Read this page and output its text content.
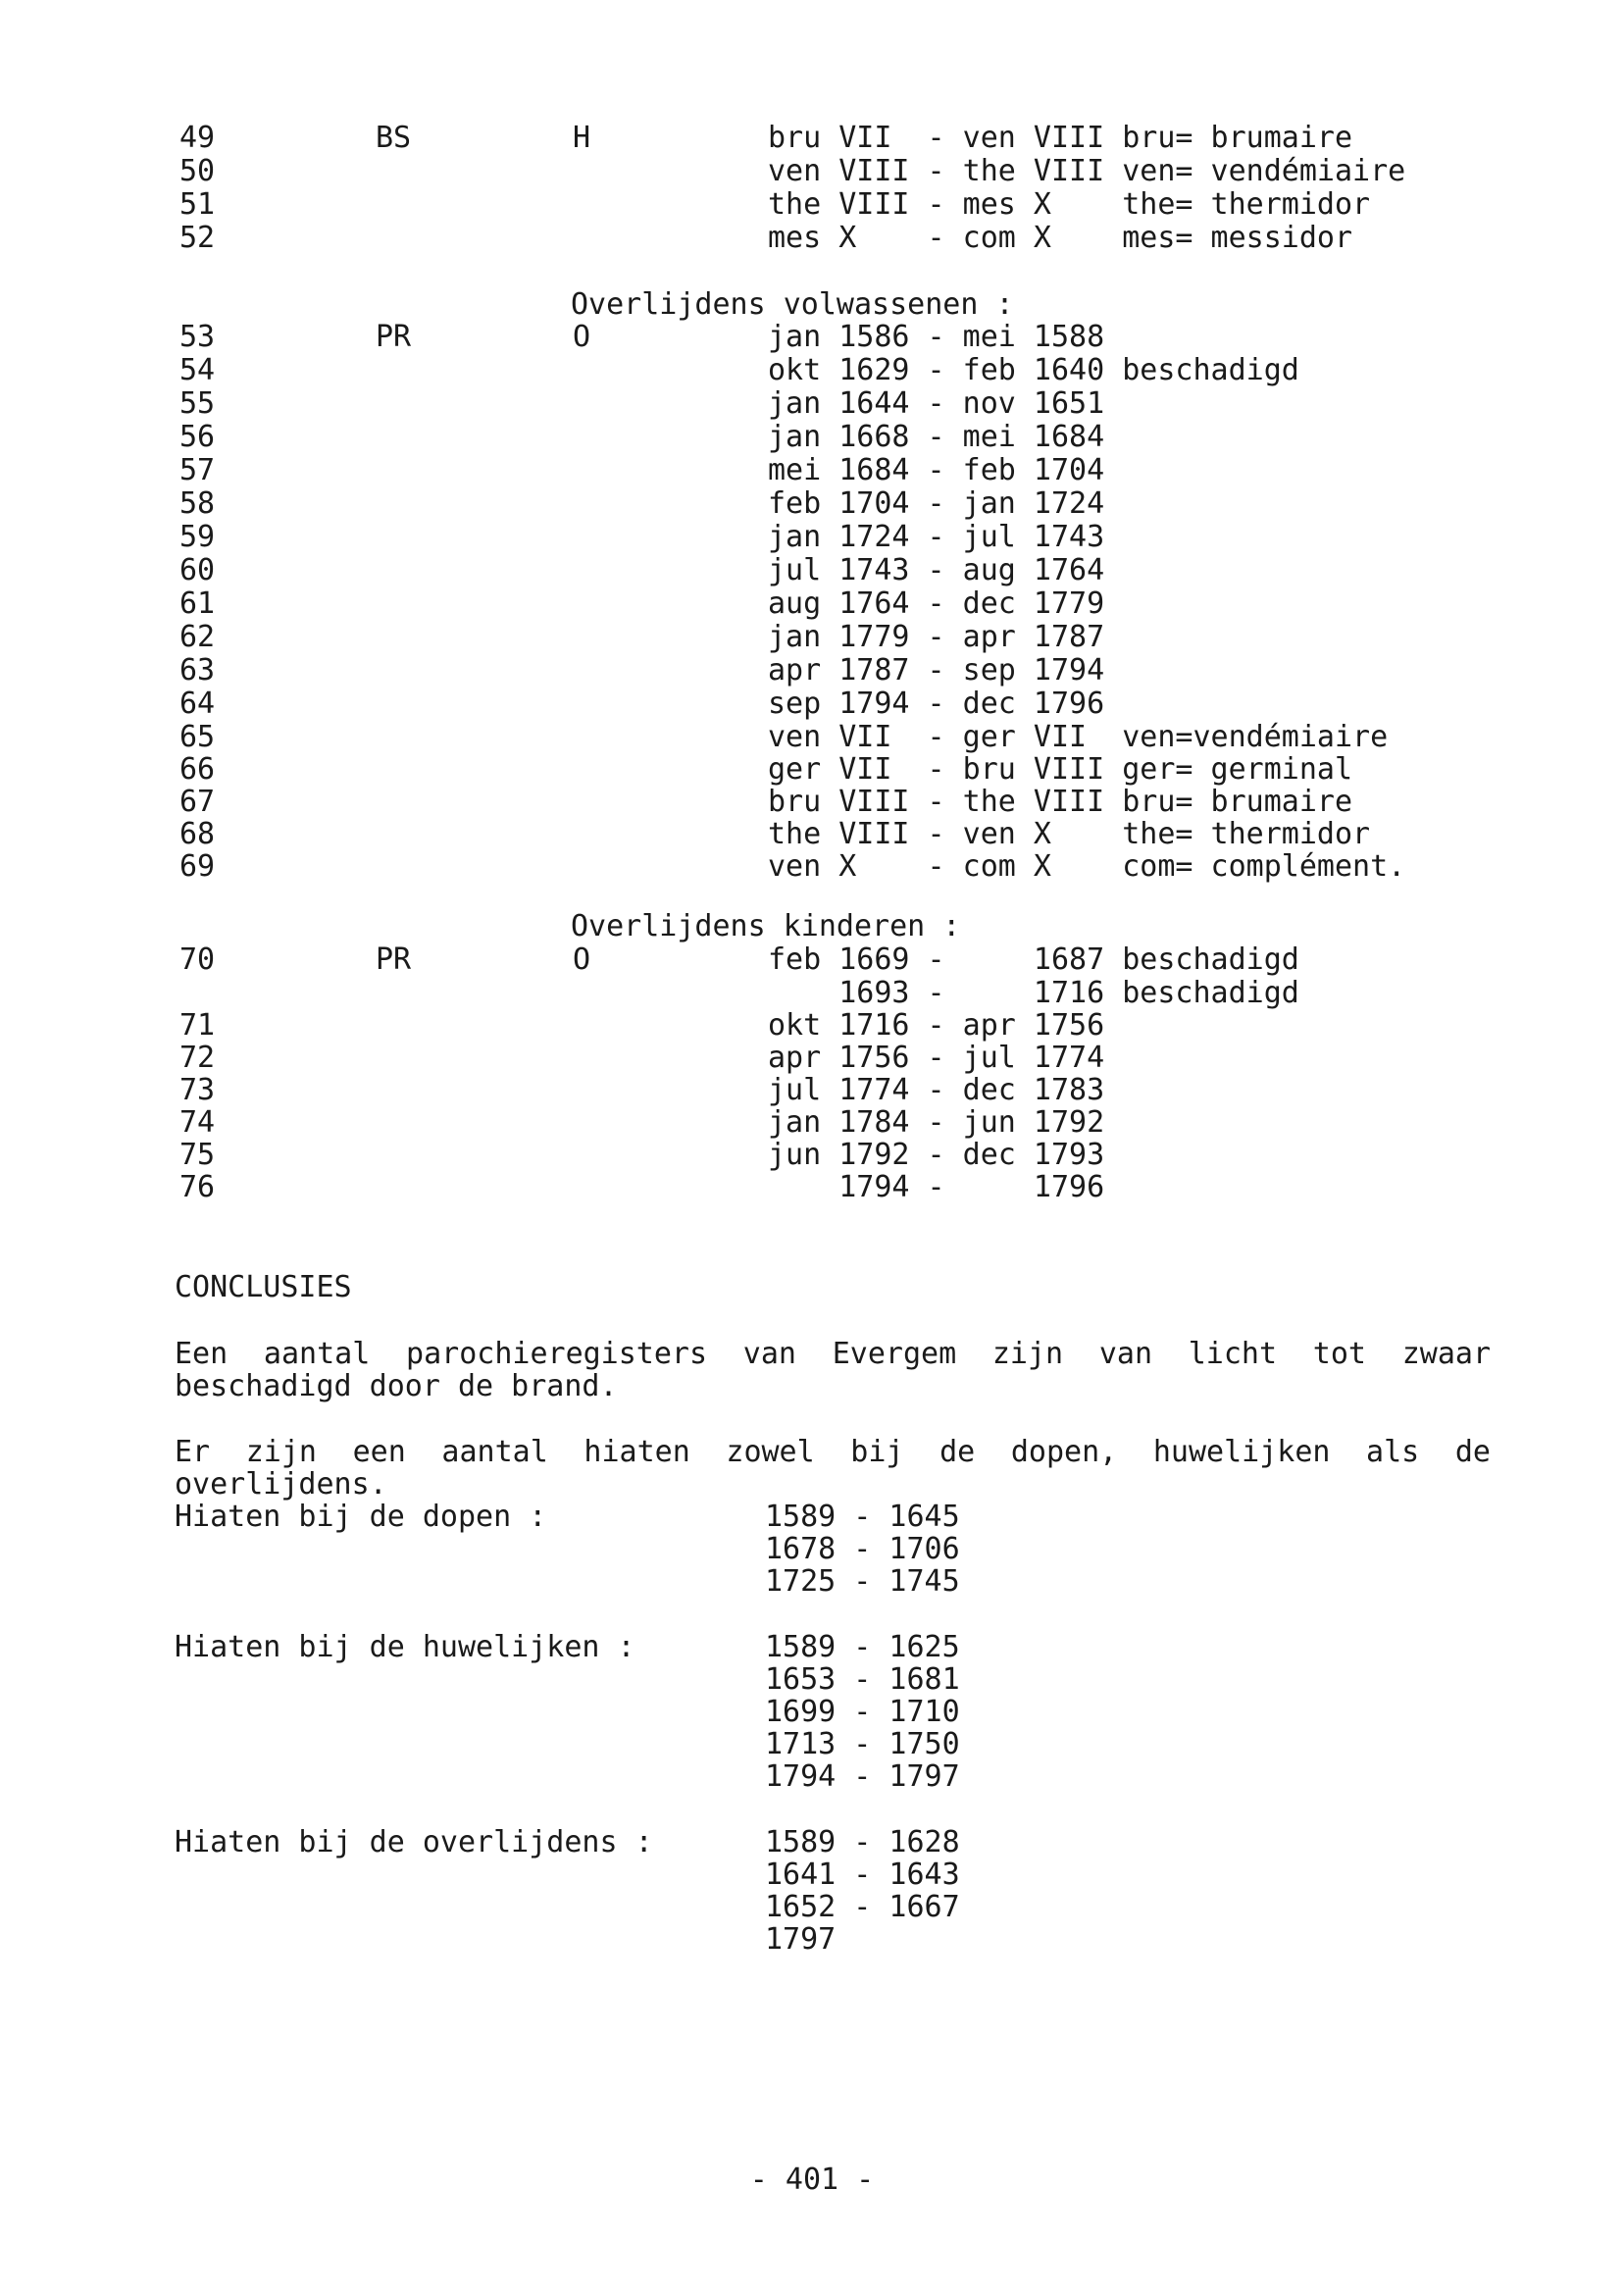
49	BS	H	bru VII  - ven VIII bru= brumaire
50	ven VIII - the VIII ven= vendémiaire
51	the VIII - mes X    the= thermidor
52	mes X    - com X    mes= messidor
Overlijdens volwassenen :
53	PR	O	jan 1586 - mei 1588
54	okt 1629 - feb 1640 beschadigd
55	jan 1644 - nov 1651
56	jan 1668 - mei 1684
57	mei 1684 - feb 1704
58	feb 1704 - jan 1724
59	jan 1724 - jul 1743
60	jul 1743 - aug 1764
61	aug 1764 - dec 1779
62	jan 1779 - apr 1787
63	apr 1787 - sep 1794
64	sep 1794 - dec 1796
65	ven VII  - ger VII  ven=vendémiaire
66	ger VII  - bru VIII ger= germinal
67	bru VIII - the VIII bru= brumaire
68	the VIII - ven X    the= thermidor
69	ven X    - com X    com= complément.
Overlijdens kinderen :
70	PR	O	feb 1669 -     1687 beschadigd
1693 -     1716 beschadigd
71	okt 1716 - apr 1756
72	apr 1756 - jul 1774
73	jul 1774 - dec 1783
74	jan 1784 - jun 1792
75	jun 1792 - dec 1793
76	1794 -     1796
CONCLUSIES
Een aantal parochieregisters van Evergem zijn van licht tot zwaar beschadigd door de brand.
Er zijn een aantal hiaten zowel bij de dopen, huwelijken als de overlijdens.
Hiaten bij de dopen :	1589 - 1645
1678 - 1706
1725 - 1745
Hiaten bij de huwelijken :	1589 - 1625
1653 - 1681
1699 - 1710
1713 - 1750
1794 - 1797
Hiaten bij de overlijdens :	1589 - 1628
1641 - 1643
1652 - 1667
1797
- 401 -
